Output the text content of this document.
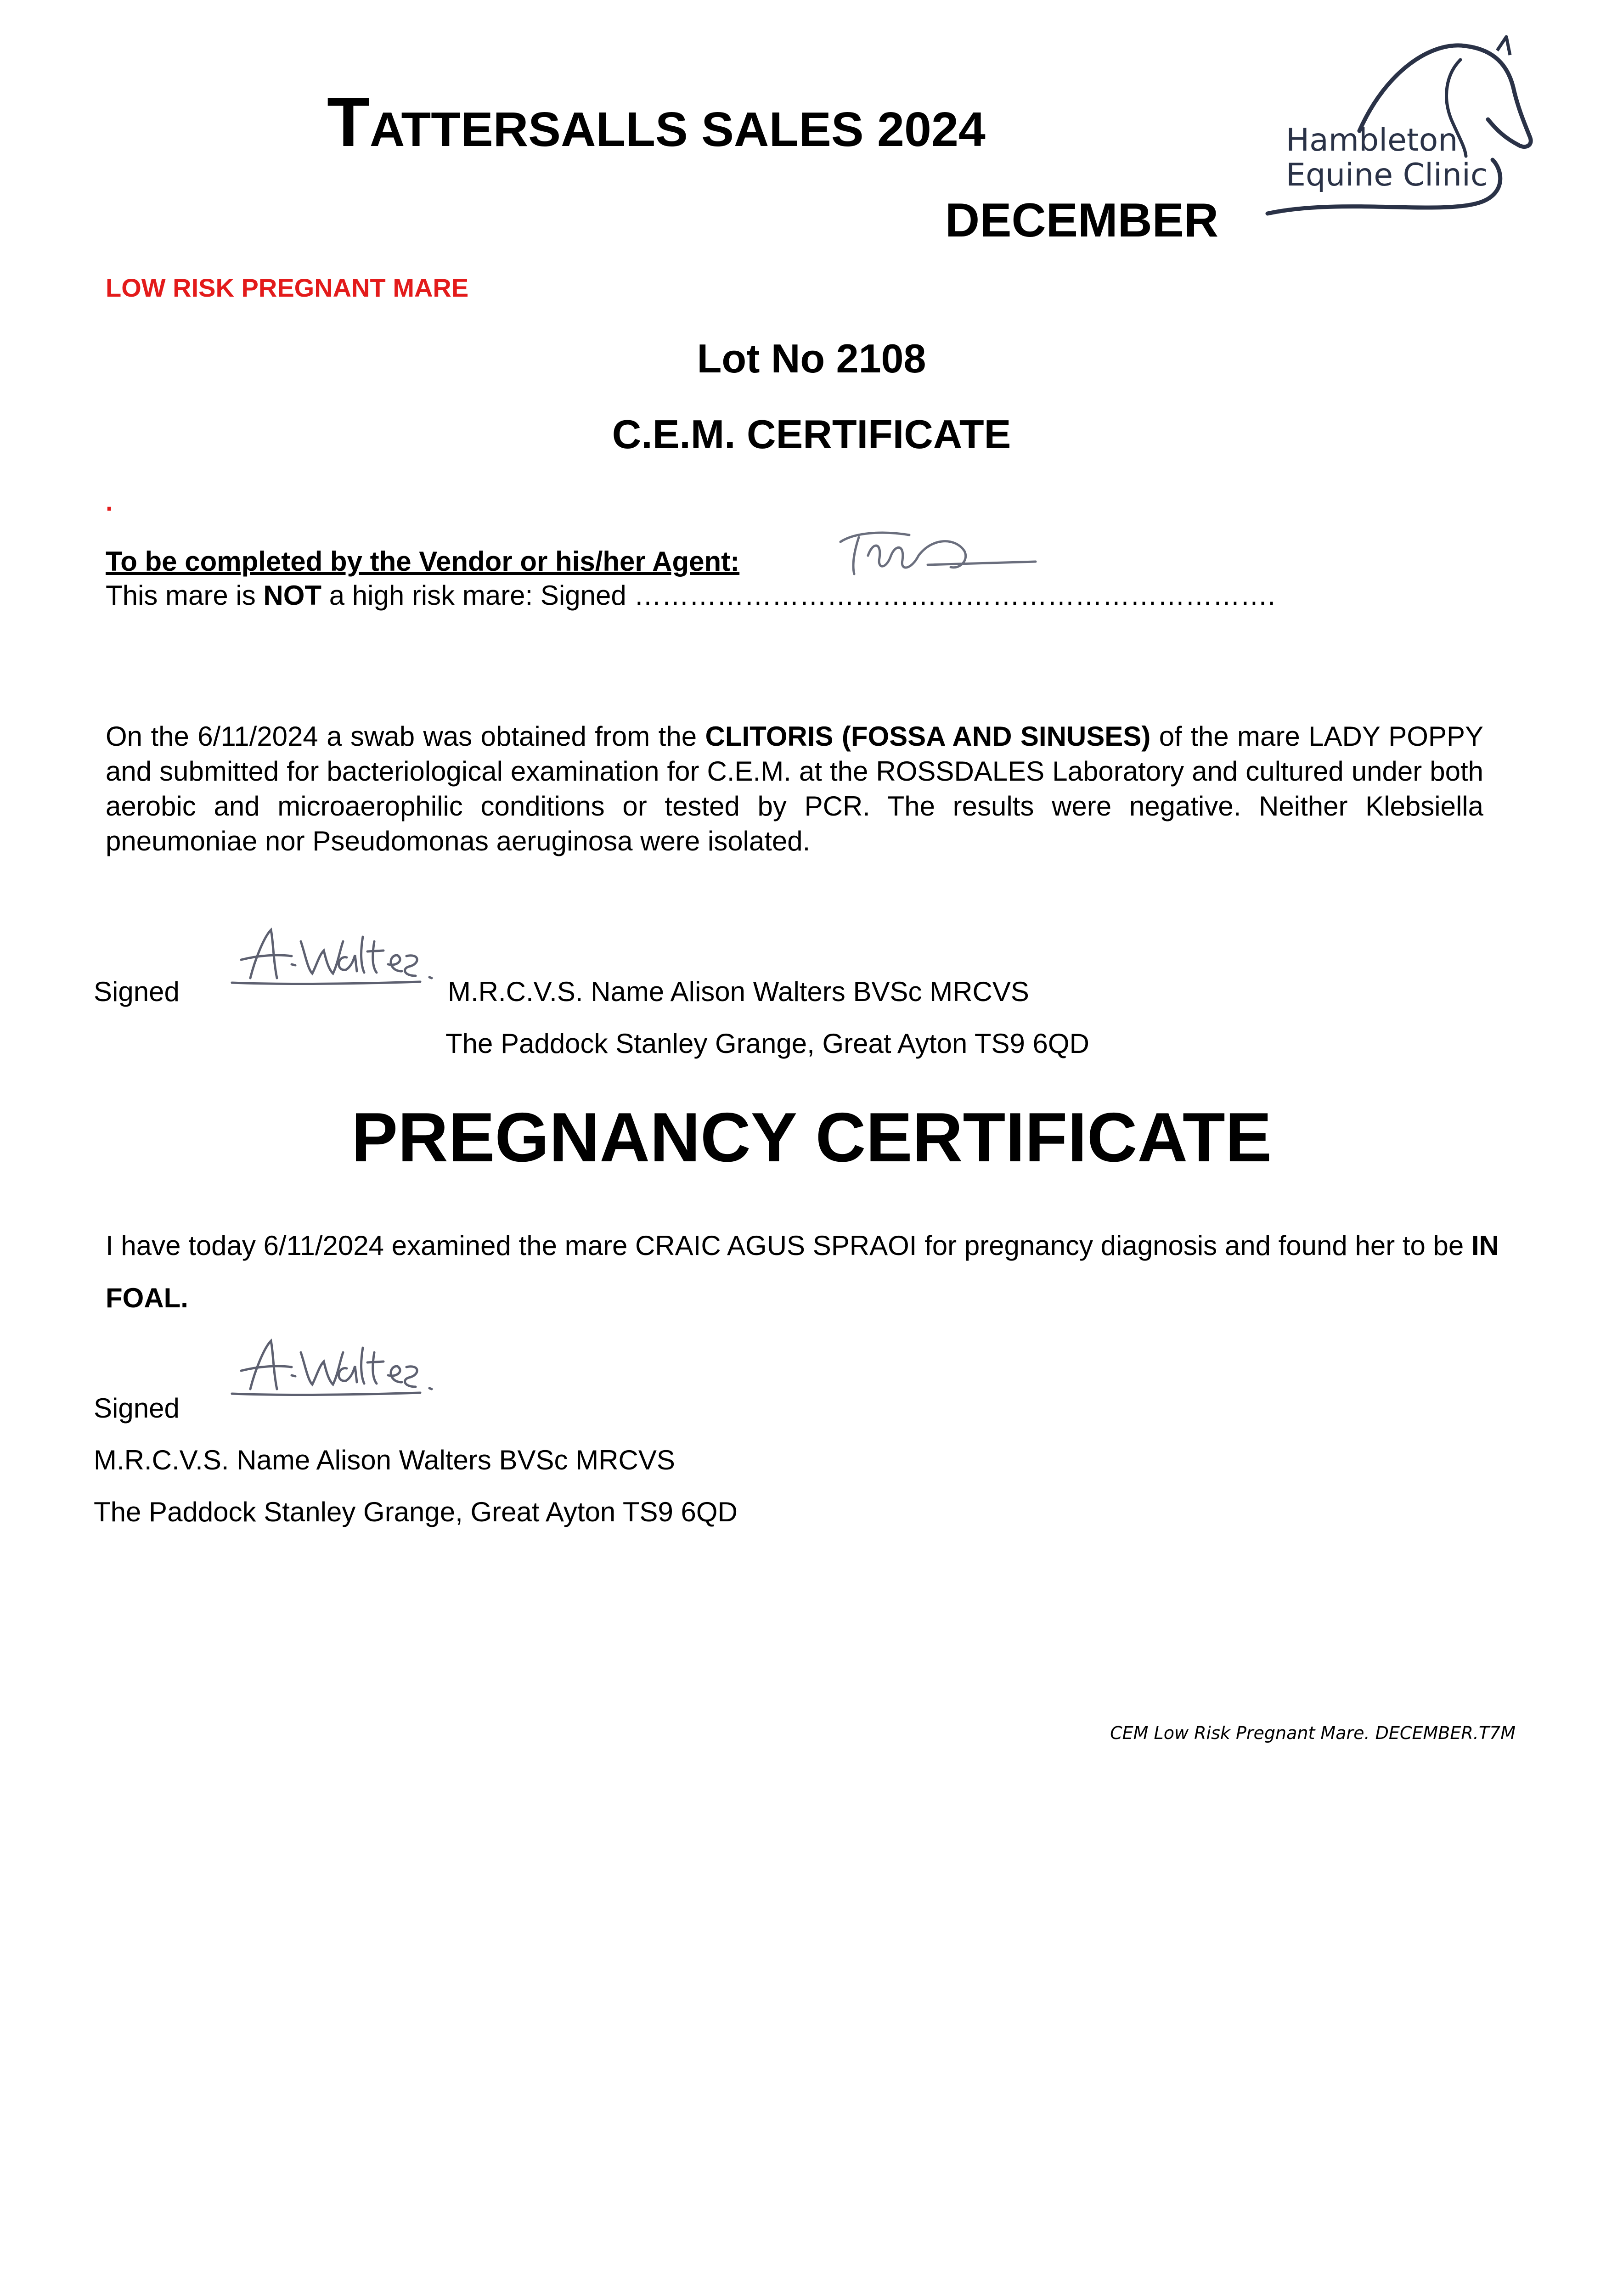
TATTERSALLS SALES 2024
DECEMBER
Hambleton
Equine Clinic
LOW RISK PREGNANT MARE
Lot No 2108
C.E.M. CERTIFICATE
.
To be completed by the Vendor or his/her Agent:
This mare is NOT a high risk mare: Signed …………………………………………………………….
On the 6/11/2024 a swab was obtained from the CLITORIS (FOSSA AND SINUSES) of the mare LADY POPPY and submitted for bacteriological examination for C.E.M. at the ROSSDALES Laboratory and cultured under both aerobic and microaerophilic conditions or tested by PCR. The results were negative. Neither Klebsiella pneumoniae nor Pseudomonas aeruginosa were isolated.
Signed	M.R.C.V.S. Name Alison Walters BVSc MRCVS
The Paddock Stanley Grange, Great Ayton TS9 6QD
PREGNANCY CERTIFICATE
I have today 6/11/2024 examined the mare CRAIC AGUS SPRAOI for pregnancy diagnosis and found her to be IN FOAL.
Signed
M.R.C.V.S. Name Alison Walters BVSc MRCVS
The Paddock Stanley Grange, Great Ayton TS9 6QD
CEM Low Risk Pregnant Mare. DECEMBER.T7M
